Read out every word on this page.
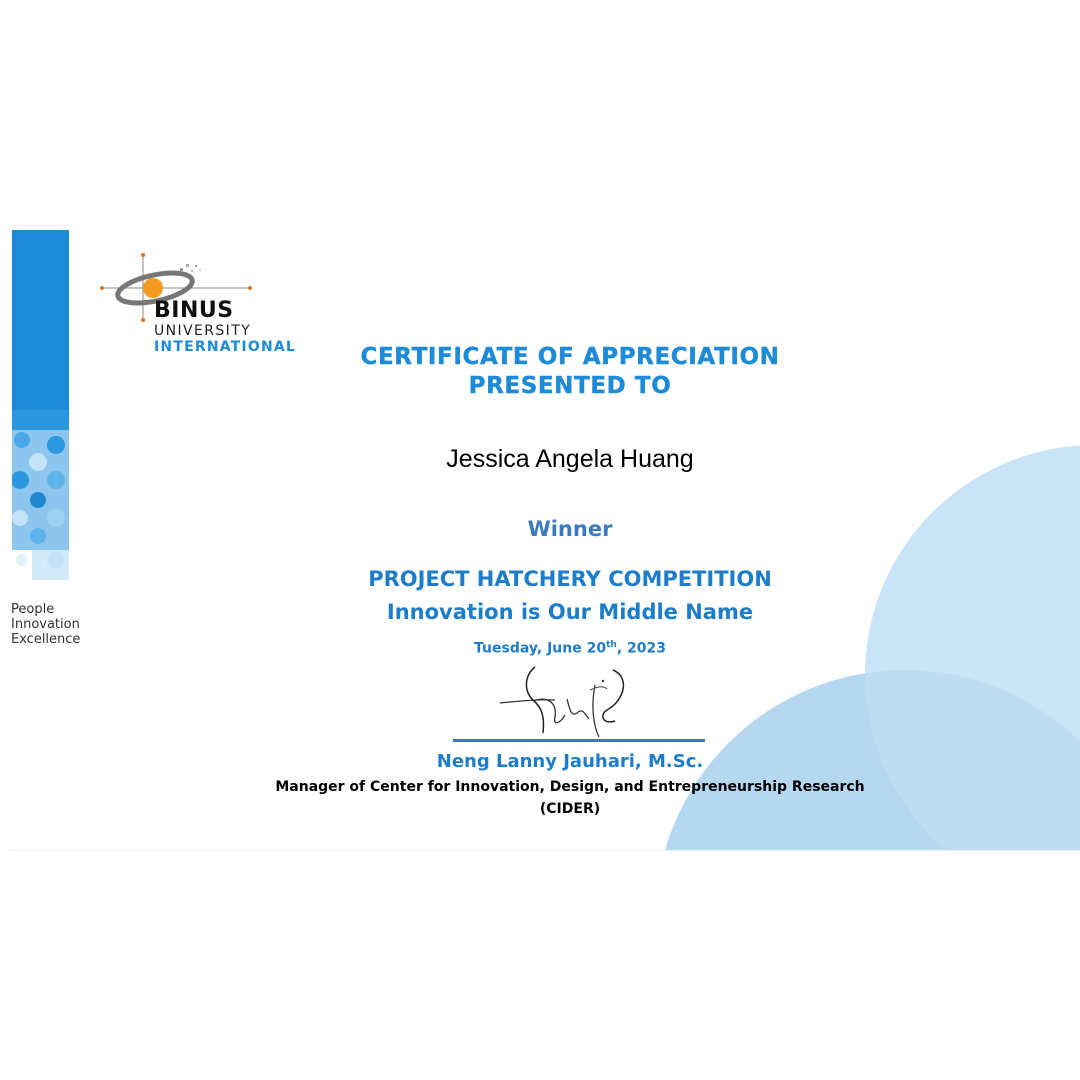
People
Innovation
Excellence
BINUS
UNIVERSITY
INTERNATIONAL	CERTIFICATE OF APPRECIATION
PRESENTED TO
Jessica Angela Huang
Winner
PROJECT HATCHERY COMPETITION
Innovation is Our Middle Name
Tuesday, June 20th, 2023
Neng Lanny Jauhari, M.Sc.
Manager of Center for Innovation, Design, and Entrepreneurship Research
(CIDER)
